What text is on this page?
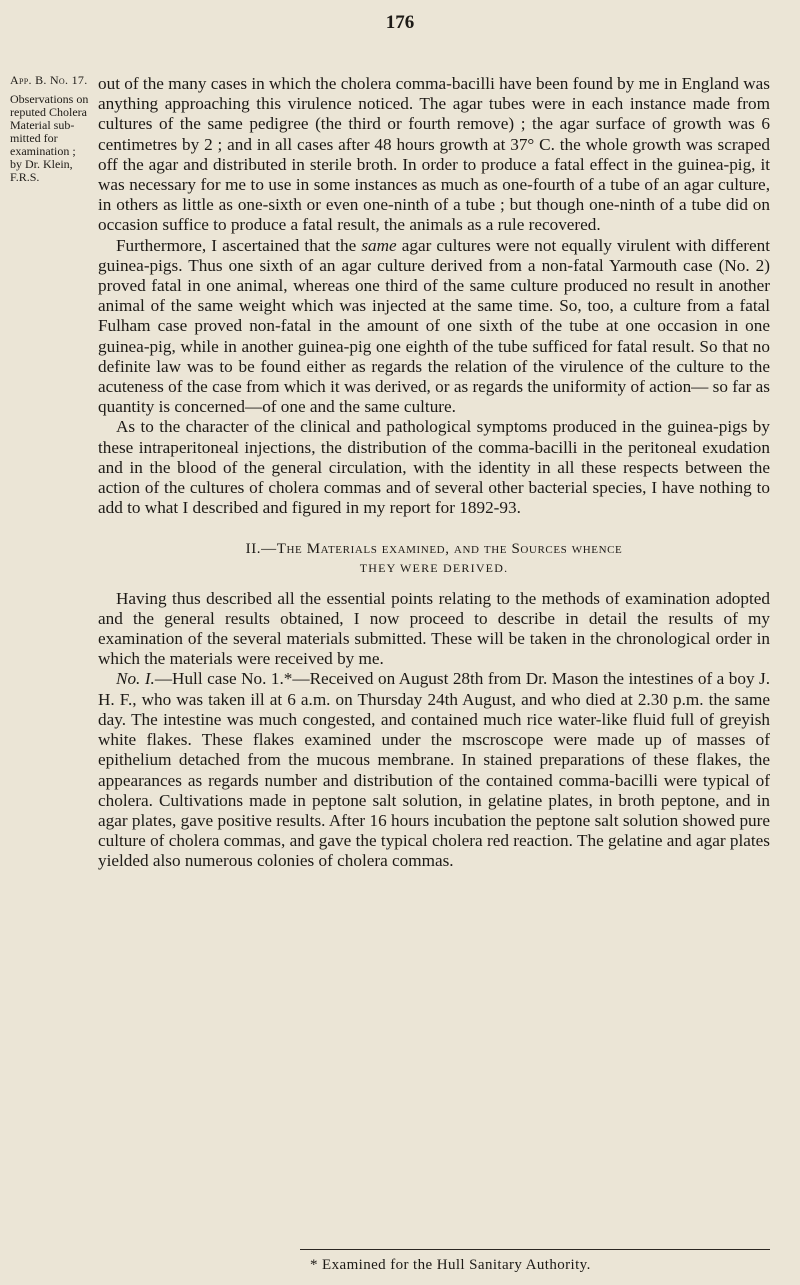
176
App. B. No. 17.
Observations on
reputed Cholera
Material sub-
mitted for
examination ;
by Dr. Klein,
F.R.S.

out of the many cases in which the cholera comma-bacilli have been found by me in England was anything approaching this virulence noticed. The agar tubes were in each instance made from cultures of the same pedigree (the third or fourth remove) ; the agar surface of growth was 6 centimetres by 2 ; and in all cases after 48 hours growth at 37° C. the whole growth was scraped off the agar and distributed in sterile broth. In order to produce a fatal effect in the guinea-pig, it was necessary for me to use in some instances as much as one-fourth of a tube of an agar culture, in others as little as one-sixth or even one-ninth of a tube ; but though one-ninth of a tube did on occasion suffice to produce a fatal result, the animals as a rule recovered.

Furthermore, I ascertained that the same agar cultures were not equally virulent with different guinea-pigs. Thus one sixth of an agar culture derived from a non-fatal Yarmouth case (No. 2) proved fatal in one animal, whereas one third of the same culture produced no result in another animal of the same weight which was injected at the same time. So, too, a culture from a fatal Fulham case proved non-fatal in the amount of one sixth of the tube at one occasion in one guinea-pig, while in another guinea-pig one eighth of the tube sufficed for fatal result. So that no definite law was to be found either as regards the relation of the virulence of the culture to the acuteness of the case from which it was derived, or as regards the uniformity of action— so far as quantity is concerned—of one and the same culture.

As to the character of the clinical and pathological symptoms produced in the guinea-pigs by these intraperitoneal injections, the distribution of the comma-bacilli in the peritoneal exudation and in the blood of the general circulation, with the identity in all these respects between the action of the cultures of cholera commas and of several other bacterial species, I have nothing to add to what I described and figured in my report for 1892-93.

II.—The Materials examined, and the Sources whence
THEY WERE DERIVED.

Having thus described all the essential points relating to the methods of examination adopted and the general results obtained, I now proceed to describe in detail the results of my examination of the several materials submitted. These will be taken in the chronological order in which the materials were received by me.

No. I.—Hull case No. 1.*—Received on August 28th from Dr. Mason the intestines of a boy J. H. F., who was taken ill at 6 a.m. on Thursday 24th August, and who died at 2.30 p.m. the same day. The intestine was much congested, and contained much rice water-like fluid full of greyish white flakes. These flakes examined under the mscroscope were made up of masses of epithelium detached from the mucous membrane. In stained preparations of these flakes, the appearances as regards number and distribution of the contained comma-bacilli were typical of cholera. Cultivations made in peptone salt solution, in gelatine plates, in broth peptone, and in agar plates, gave positive results. After 16 hours incubation the peptone salt solution showed pure culture of cholera commas, and gave the typical cholera red reaction. The gelatine and agar plates yielded also numerous colonies of cholera commas.

* Examined for the Hull Sanitary Authority.
